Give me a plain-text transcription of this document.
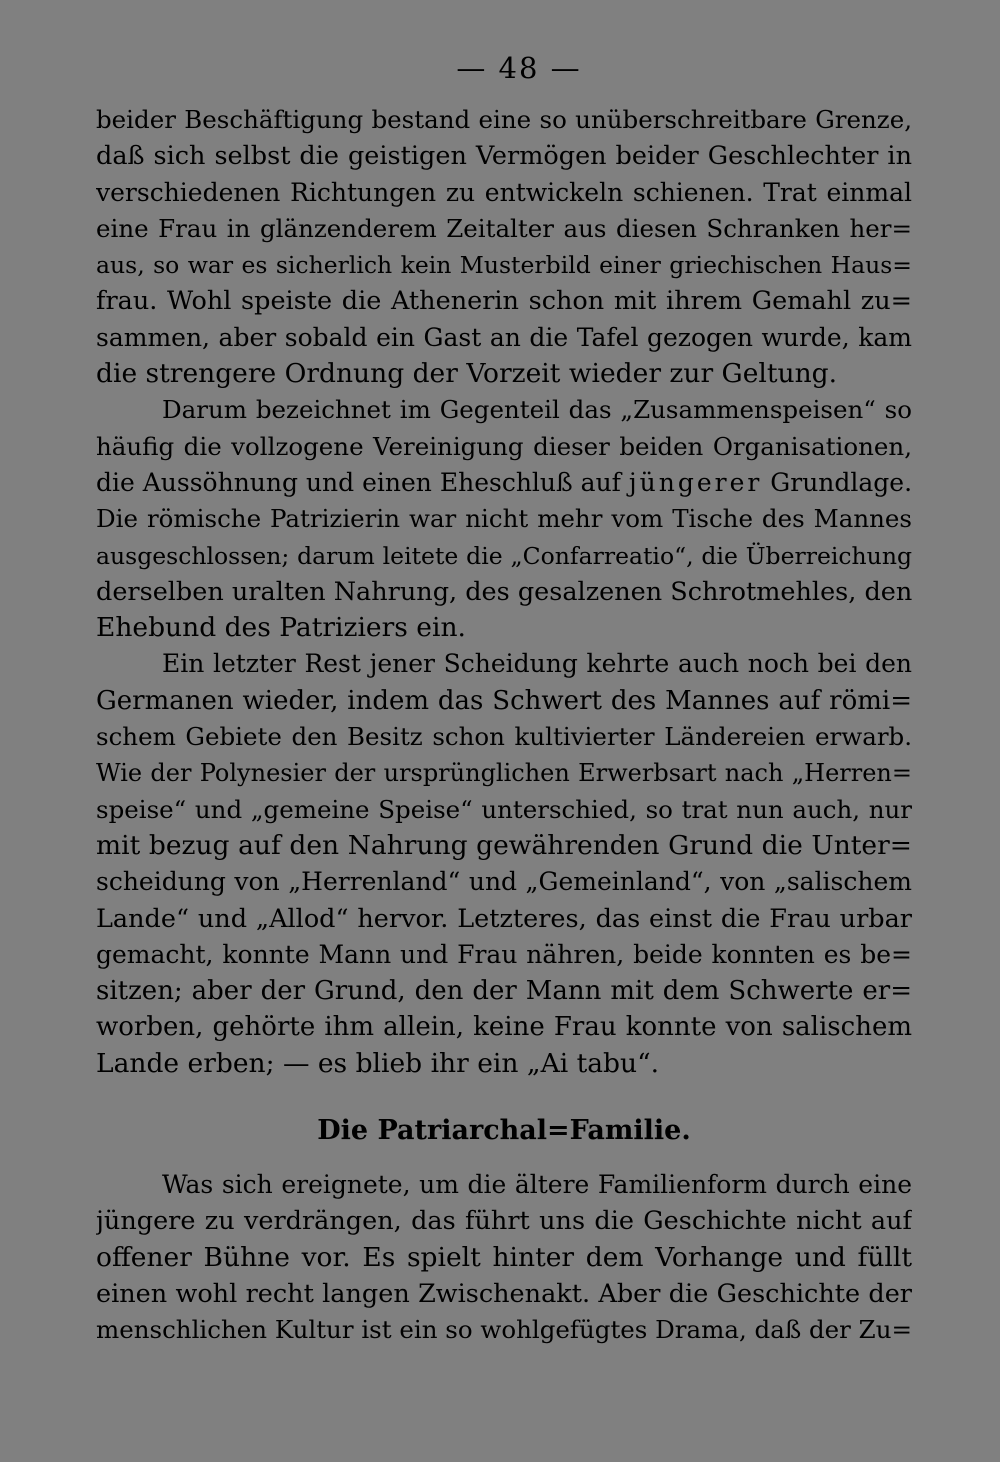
— 48 —
beider Beschäftigung bestand eine so unüberschreitbare Grenze,
daß sich selbst die geistigen Vermögen beider Geschlechter in
verschiedenen Richtungen zu entwickeln schienen. Trat einmal
eine Frau in glänzenderem Zeitalter aus diesen Schranken her=
aus, so war es sicherlich kein Musterbild einer griechischen Haus=
frau. Wohl speiste die Athenerin schon mit ihrem Gemahl zu=
sammen, aber sobald ein Gast an die Tafel gezogen wurde, kam
die strengere Ordnung der Vorzeit wieder zur Geltung.
Darum bezeichnet im Gegenteil das „Zusammenspeisen“ so
häufig die vollzogene Vereinigung dieser beiden Organisationen,
die Aussöhnung und einen Eheschluß auf jüngerer Grundlage.
Die römische Patrizierin war nicht mehr vom Tische des Mannes
ausgeschlossen; darum leitete die „Confarreatio“, die Überreichung
derselben uralten Nahrung, des gesalzenen Schrotmehles, den
Ehebund des Patriziers ein.
Ein letzter Rest jener Scheidung kehrte auch noch bei den
Germanen wieder, indem das Schwert des Mannes auf römi=
schem Gebiete den Besitz schon kultivierter Ländereien erwarb.
Wie der Polynesier der ursprünglichen Erwerbsart nach „Herren=
speise“ und „gemeine Speise“ unterschied, so trat nun auch, nur
mit bezug auf den Nahrung gewährenden Grund die Unter=
scheidung von „Herrenland“ und „Gemeinland“, von „salischem
Lande“ und „Allod“ hervor. Letzteres, das einst die Frau urbar
gemacht, konnte Mann und Frau nähren, beide konnten es be=
sitzen; aber der Grund, den der Mann mit dem Schwerte er=
worben, gehörte ihm allein, keine Frau konnte von salischem
Lande erben; — es blieb ihr ein „Ai tabu“.
Die Patriarchal=Familie.
Was sich ereignete, um die ältere Familienform durch eine
jüngere zu verdrängen, das führt uns die Geschichte nicht auf
offener Bühne vor. Es spielt hinter dem Vorhange und füllt
einen wohl recht langen Zwischenakt. Aber die Geschichte der
menschlichen Kultur ist ein so wohlgefügtes Drama, daß der Zu=
